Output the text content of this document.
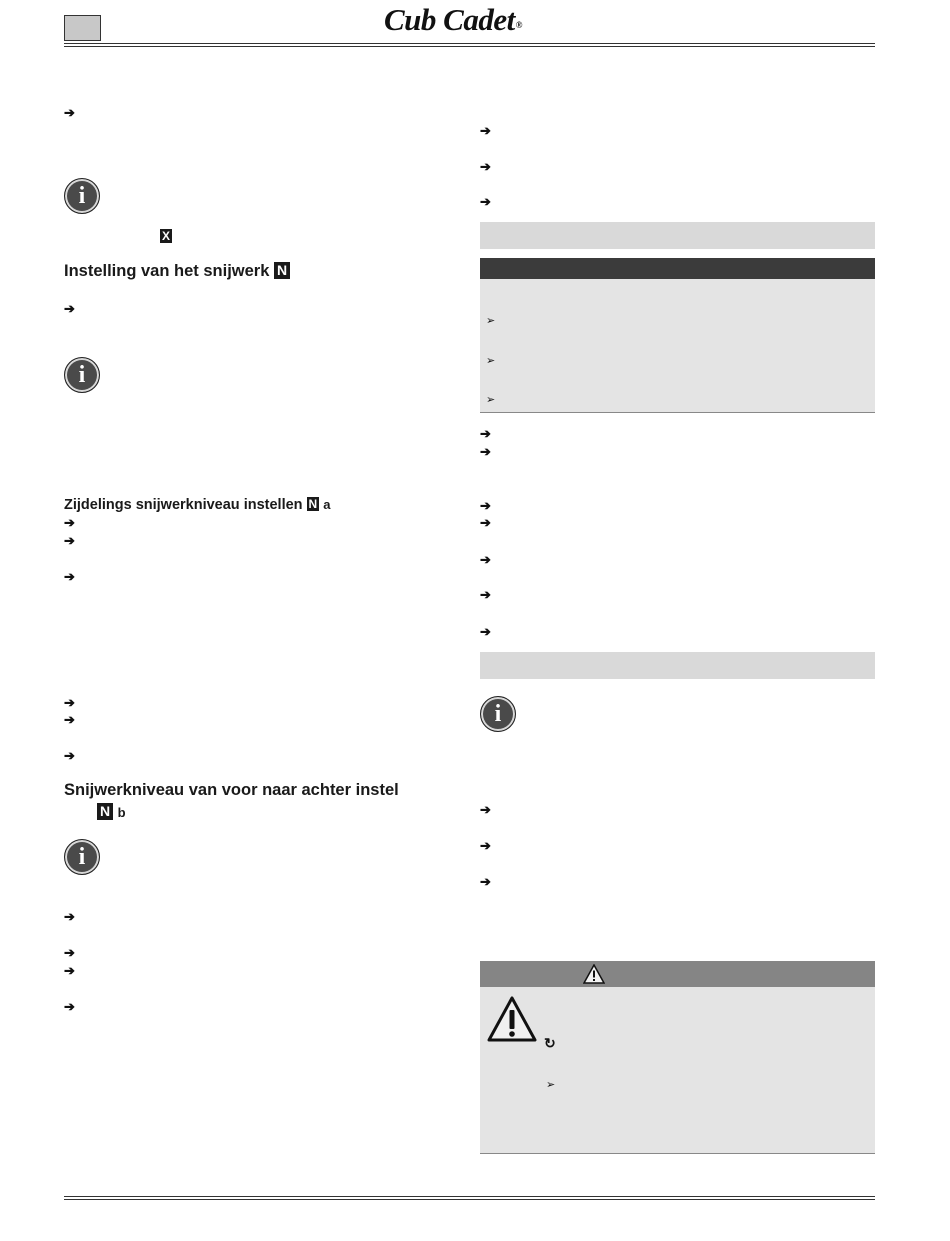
Cub Cadet®
➔
i
X
Instelling van het snijwerk N
➔
i
Zijdelings snijwerkniveau instellen N a
➔
➔
➔
➔
➔
➔
Snijwerkniveau van voor naar achter instel
N b
i
➔
➔
➔
➔
➔
➔
➔
➢
➢
➢
➔
➔
➔
➔
➔
➔
➔
i
➔
➔
➔
↻
➢
